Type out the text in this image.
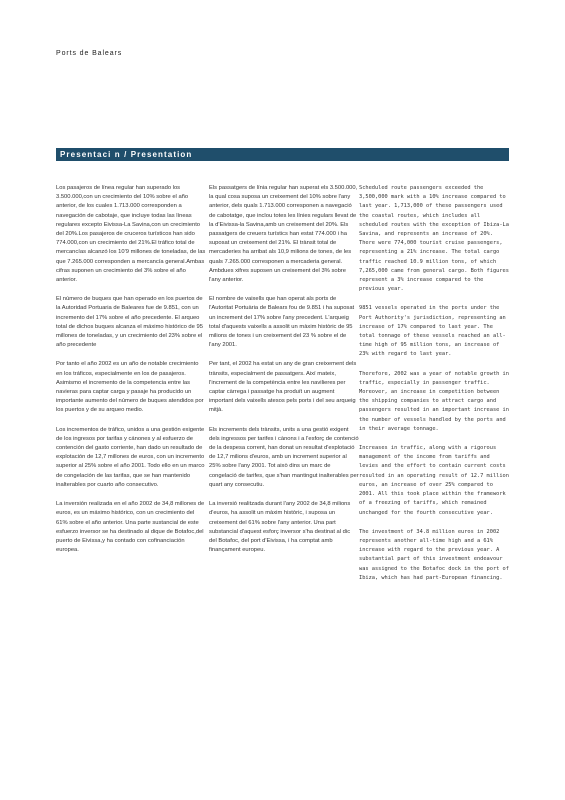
Ports de Balears
Presentaci n / Presentation

Los pasajeros de línea regular han superado los 3.500.000,con un crecimiento del 10% sobre el año anterior, de los cuales 1.713.000 corresponden a navegación de cabotaje, que incluye todas las líneas regulares excepto Eivissa-La Savina,con un crecimiento del 20%.Los pasajeros de cruceros turísticos han sido 774.000,con un crecimiento del 21%.El tráfico total de mercancías alcanzó los 10'9 millones de toneladas, de las que 7.265.000 corresponden a mercancía general.Ambas cifras suponen un crecimiento del 3% sobre el año anterior.

El número de buques que han operado en los puertos de la Autoridad Portuaria de Baleares fue de 9.851, con un incremento del 17% sobre el año precedente. El arqueo total de dichos buques alcanza el máximo histórico de 95 millones de toneladas, y un crecimiento del 23% sobre el año precedente

Por tanto el año 2002 es un año de notable crecimiento en los tráficos, especialmente en los de pasajeros. Asimismo el incremento de la competencia entre las navieras para captar carga y pasaje ha producido un importante aumento del número de buques atendidos por los puertos y de su arqueo medio.

Los incrementos de tráfico, unidos a una gestión exigente de los ingresos por tarifas y cánones y al esfuerzo de contención del gasto corriente, han dado un resultado de explotación de 12,7 millones de euros, con un incremento superior al 25% sobre el año 2001. Todo ello en un marco de congelación de las tarifas, que se han mantenido inalterables por cuarto año consecutivo.

La inversión realizada en el año 2002 de 34,8 millones de euros, es un máximo histórico, con un crecimiento del 61% sobre el año anterior. Una parte sustancial de este esfuerzo inversor se ha destinado al dique de Botafoc,del puerto de Eivissa,y ha contado con cofinanciación europea.

Els passatgers de línia regular han superat els 3.500.000, la qual cosa suposa un creixement del 10% sobre l'any anterior, dels quals 1.713.000 corresponen a navegació de cabotatge, que inclou totes les línies regulars llevat de la d'Eivissa-la Savina,amb un creixement del 20%. Els passatgers de creuers turístics han estat 774.000 i ha suposat un creixement del 21%. El trànsit total de mercaderies ha arribat als 10,9 milions de tones, de les quals 7.265.000 corresponen a mercaderia general. Ambdues xifres suposen un creixement del 3% sobre l'any anterior.

El nombre de vaixells que han operat als ports de l'Autoritat Portuària de Balears fou de 9.851 i ha suposat un increment del 17% sobre l'any precedent. L'arqueig total d'aquests vaixells a assolit un màxim històric de 95 milions de tones i un creixement del 23 % sobre el de l'any 2001.

Per tant, el 2002 ha estat un any de gran creixement dels trànsits, especialment de passatgers. Així mateix, l'increment de la competència entre les navilieres per captar càrrega i passatge ha produït un augment important dels vaixells atesos pels ports i del seu arqueig mitjà.

Els increments dels trànsits, units a una gestió exigent dels ingressos per tarifes i cànons i a l'esforç de contenció de la despesa corrent, han donat un resultat d'explotació de 12,7 milions d'euros, amb un increment superior al 25% sobre l'any 2001. Tot això dins un marc de congelació de tarifes, que s'han mantingut inalterables per quart any consecutiu.

La inversió realitzada durant l'any 2002 de 34,8 milions d'euros, ha assolit un màxim històric, i suposa un creixement del 61% sobre l'any anterior. Una part substancial d'aquest esforç inversor s'ha destinat al dic del Botafoc, del port d'Eivissa, i ha comptat amb finançament europeu.

Scheduled route passengers exceeded the 3,500,000 mark with a 10% increase compared to last year. 1,713,000 of these passengers used the coastal routes, which includes all scheduled routes with the exception of Ibiza-La Savina, and represents an increase of 20%. There were 774,000 tourist cruise passengers, representing a 21% increase. The total cargo traffic reached 10.9 million tons, of which 7,265,000 came from general cargo. Both figures represent a 3% increase compared to the previous year.

9851 vessels operated in the ports under the Port Authority's jurisdiction, representing an increase of 17% compared to last year. The total tonnage of these vessels reached an all-time high of 95 million tons, an increase of 23% with regard to last year.

Therefore, 2002 was a year of notable growth in traffic, especially in passenger traffic. Moreover, an increase in competition between the shipping companies to attract cargo and passengers resulted in an important increase in the number of vessels handled by the ports and in their average tonnage.

Increases in traffic, along with a rigorous management of the income from tariffs and levies and the effort to contain current costs resulted in an operating result of 12.7 million euros, an increase of over 25% compared to 2001. All this took place within the framework of a freezing of tariffs, which remained unchanged for the fourth consecutive year.

The investment of 34.8 million euros in 2002 represents another all-time high and a 61% increase with regard to the previous year. A substantial part of this investment endeavour was assigned to the Botafoc dock in the port of Ibiza, which has had part-European financing.
